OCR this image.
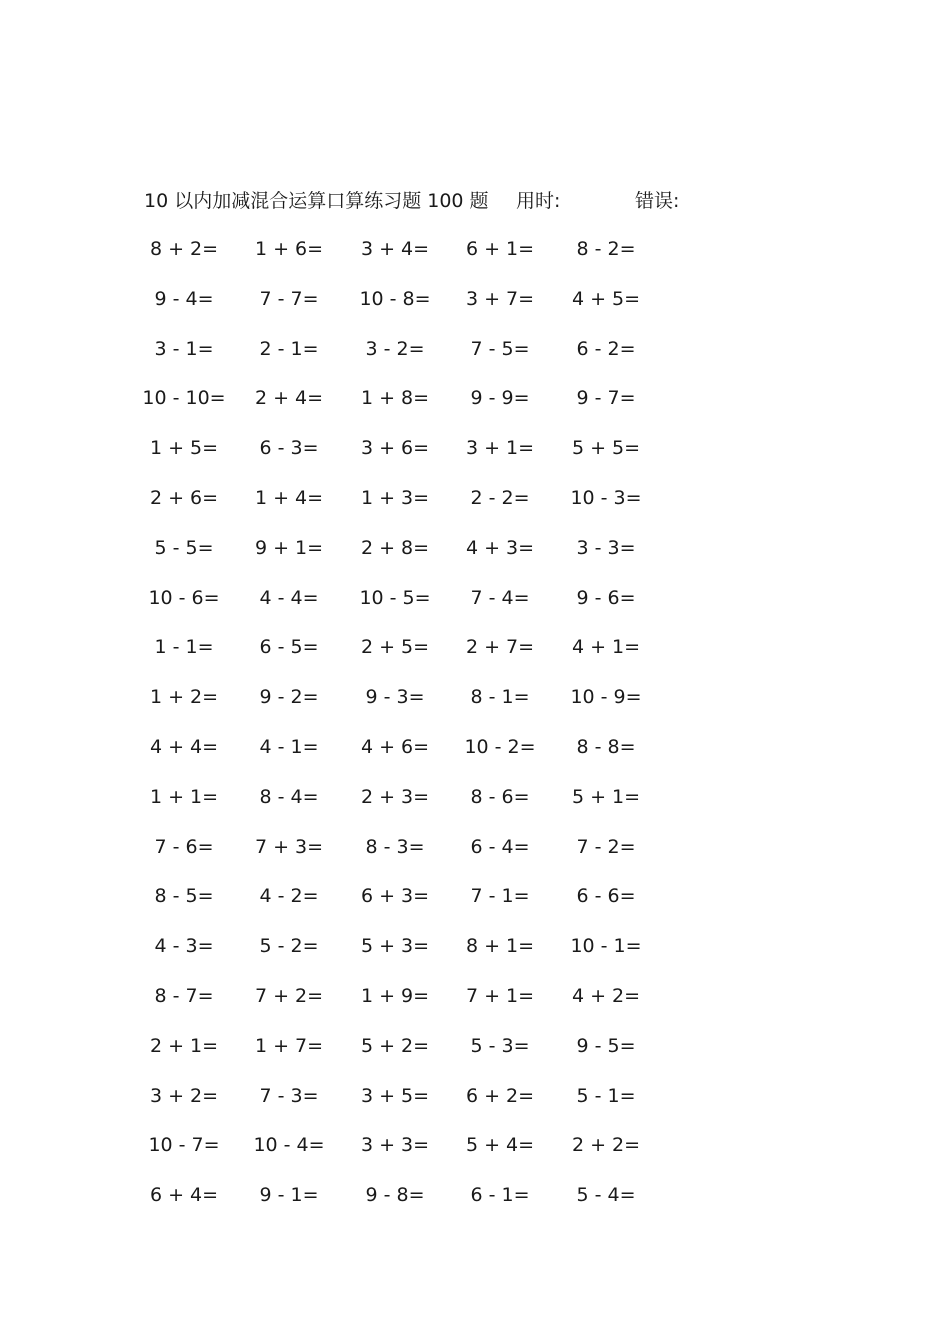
10 以内加减混合运算口算练习题 100 题 用时:	错误:
8 + 2=	1 + 6=	3 + 4=	6 + 1=	8 - 2=
9 - 4=	7 - 7=	10 - 8=	3 + 7=	4 + 5=
3 - 1=	2 - 1=	3 - 2=	7 - 5=	6 - 2=
10 - 10=	2 + 4=	1 + 8=	9 - 9=	9 - 7=
1 + 5=	6 - 3=	3 + 6=	3 + 1=	5 + 5=
2 + 6=	1 + 4=	1 + 3=	2 - 2=	10 - 3=
5 - 5=	9 + 1=	2 + 8=	4 + 3=	3 - 3=
10 - 6=	4 - 4=	10 - 5=	7 - 4=	9 - 6=
1 - 1=	6 - 5=	2 + 5=	2 + 7=	4 + 1=
1 + 2=	9 - 2=	9 - 3=	8 - 1=	10 - 9=
4 + 4=	4 - 1=	4 + 6=	10 - 2=	8 - 8=
1 + 1=	8 - 4=	2 + 3=	8 - 6=	5 + 1=
7 - 6=	7 + 3=	8 - 3=	6 - 4=	7 - 2=
8 - 5=	4 - 2=	6 + 3=	7 - 1=	6 - 6=
4 - 3=	5 - 2=	5 + 3=	8 + 1=	10 - 1=
8 - 7=	7 + 2=	1 + 9=	7 + 1=	4 + 2=
2 + 1=	1 + 7=	5 + 2=	5 - 3=	9 - 5=
3 + 2=	7 - 3=	3 + 5=	6 + 2=	5 - 1=
10 - 7=	10 - 4=	3 + 3=	5 + 4=	2 + 2=
6 + 4=	9 - 1=	9 - 8=	6 - 1=	5 - 4=
